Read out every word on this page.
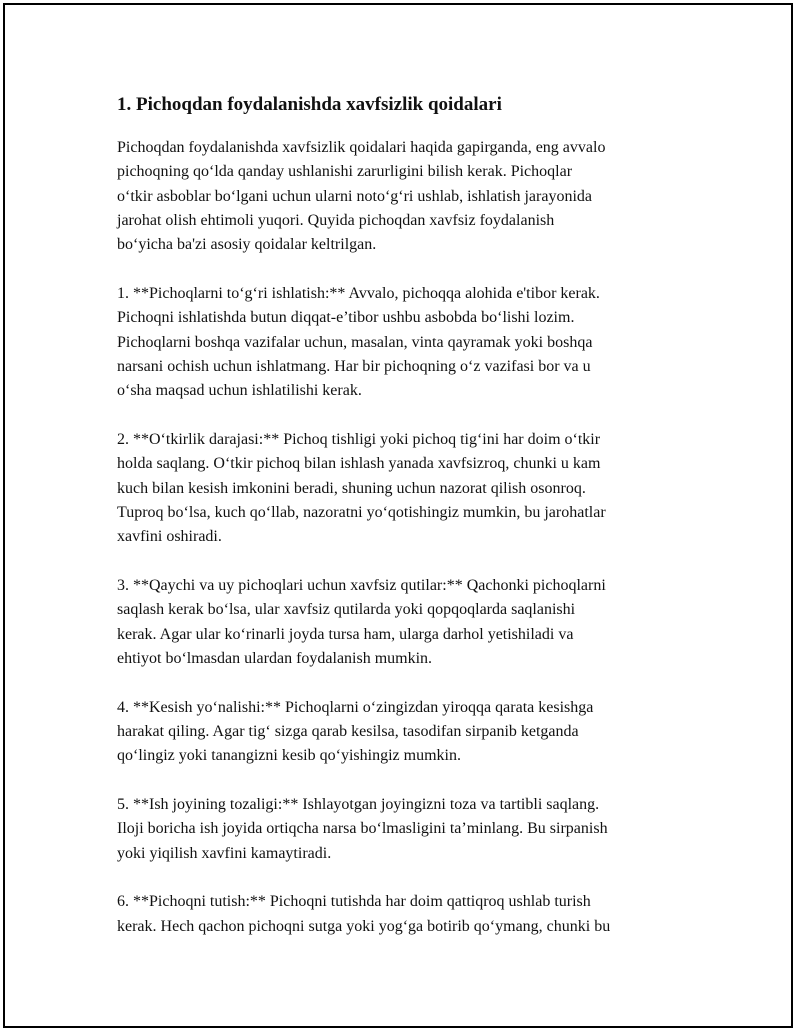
1. Pichoqdan foydalanishda xavfsizlik qoidalari
Pichoqdan foydalanishda xavfsizlik qoidalari haqida gapirganda, eng avvalo
pichoqning qo‘lda qanday ushlanishi zarurligini bilish kerak. Pichoqlar
o‘tkir asboblar bo‘lgani uchun ularni noto‘g‘ri ushlab, ishlatish jarayonida
jarohat olish ehtimoli yuqori. Quyida pichoqdan xavfsiz foydalanish
bo‘yicha ba'zi asosiy qoidalar keltrilgan.
1. **Pichoqlarni to‘g‘ri ishlatish:** Avvalo, pichoqqa alohida e'tibor kerak.
Pichoqni ishlatishda butun diqqat-e’tibor ushbu asbobda bo‘lishi lozim.
Pichoqlarni boshqa vazifalar uchun, masalan, vinta qayramak yoki boshqa
narsani ochish uchun ishlatmang. Har bir pichoqning o‘z vazifasi bor va u
o‘sha maqsad uchun ishlatilishi kerak.
2. **O‘tkirlik darajasi:** Pichoq tishligi yoki pichoq tig‘ini har doim o‘tkir
holda saqlang. O‘tkir pichoq bilan ishlash yanada xavfsizroq, chunki u kam
kuch bilan kesish imkonini beradi, shuning uchun nazorat qilish osonroq.
Tuproq bo‘lsa, kuch qo‘llab, nazoratni yo‘qotishingiz mumkin, bu jarohatlar
xavfini oshiradi.
3. **Qaychi va uy pichoqlari uchun xavfsiz qutilar:** Qachonki pichoqlarni
saqlash kerak bo‘lsa, ular xavfsiz qutilarda yoki qopqoqlarda saqlanishi
kerak. Agar ular ko‘rinarli joyda tursa ham, ularga darhol yetishiladi va
ehtiyot bo‘lmasdan ulardan foydalanish mumkin.
4. **Kesish yo‘nalishi:** Pichoqlarni o‘zingizdan yiroqqa qarata kesishga
harakat qiling. Agar tig‘ sizga qarab kesilsa, tasodifan sirpanib ketganda
qo‘lingiz yoki tanangizni kesib qo‘yishingiz mumkin.
5. **Ish joyining tozaligi:** Ishlayotgan joyingizni toza va tartibli saqlang.
Iloji boricha ish joyida ortiqcha narsa bo‘lmasligini ta’minlang. Bu sirpanish
yoki yiqilish xavfini kamaytiradi.
6. **Pichoqni tutish:** Pichoqni tutishda har doim qattiqroq ushlab turish
kerak. Hech qachon pichoqni sutga yoki yog‘ga botirib qo‘ymang, chunki bu
